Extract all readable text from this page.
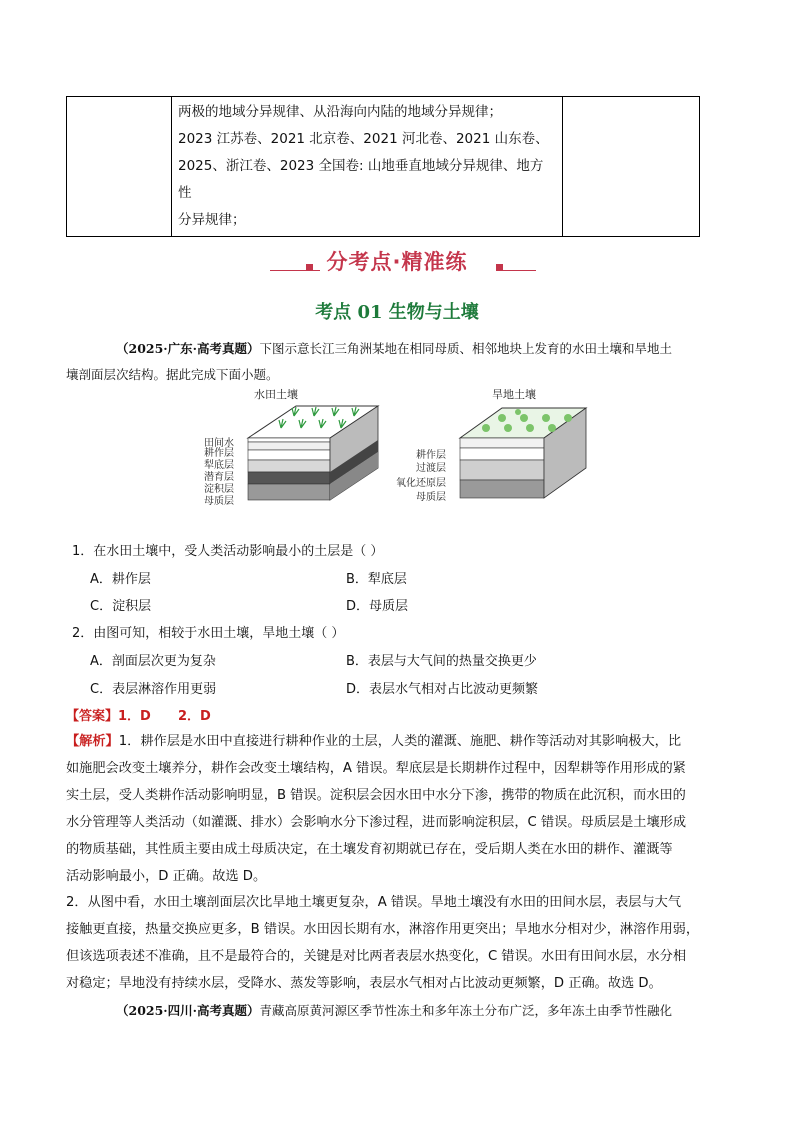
两极的地域分异规律、从沿海向内陆的地域分异规律；
2023 江苏卷、2021 北京卷、2021 河北卷、2021 山东卷、
2025、浙江卷、2023 全国卷: 山地垂直地域分异规律、地方性
分异规律；

分考点·精准练
考点 01 生物与土壤
（2025·广东·高考真题）下图示意长江三角洲某地在相同母质、相邻地块上发育的水田土壤和旱地土
壤剖面层次结构。据此完成下面小题。
水田土壤	旱地土壤
田间水
耕作层
犁底层
潜育层
淀积层
母质层
耕作层
过渡层
氧化还原层
母质层
1．在水田土壤中，受人类活动影响最小的土层是（ ）
A．耕作层	B．犁底层
C．淀积层	D．母质层
2．由图可知，相较于水田土壤，旱地土壤（ ）
A．剖面层次更为复杂	B．表层与大气间的热量交换更少
C．表层淋溶作用更弱	D．表层水气相对占比波动更频繁
【答案】1．D      2．D
【解析】1．耕作层是水田中直接进行耕种作业的土层，人类的灌溉、施肥、耕作等活动对其影响极大，比
如施肥会改变土壤养分，耕作会改变土壤结构，A 错误。犁底层是长期耕作过程中，因犁耕等作用形成的紧
实土层，受人类耕作活动影响明显，B 错误。淀积层会因水田中水分下渗，携带的物质在此沉积，而水田的
水分管理等人类活动（如灌溉、排水）会影响水分下渗过程，进而影响淀积层，C 错误。母质层是土壤形成
的物质基础，其性质主要由成土母质决定，在土壤发育初期就已存在，受后期人类在水田的耕作、灌溉等
活动影响最小，D 正确。故选 D。
2．从图中看，水田土壤剖面层次比旱地土壤更复杂，A 错误。旱地土壤没有水田的田间水层，表层与大气
接触更直接，热量交换应更多，B 错误。水田因长期有水，淋溶作用更突出；旱地水分相对少，淋溶作用弱，
但该选项表述不准确，且不是最符合的，关键是对比两者表层水热变化，C 错误。水田有田间水层，水分相
对稳定；旱地没有持续水层，受降水、蒸发等影响，表层水气相对占比波动更频繁，D 正确。故选 D。
（2025·四川·高考真题）青藏高原黄河源区季节性冻土和多年冻土分布广泛，多年冻土由季节性融化
